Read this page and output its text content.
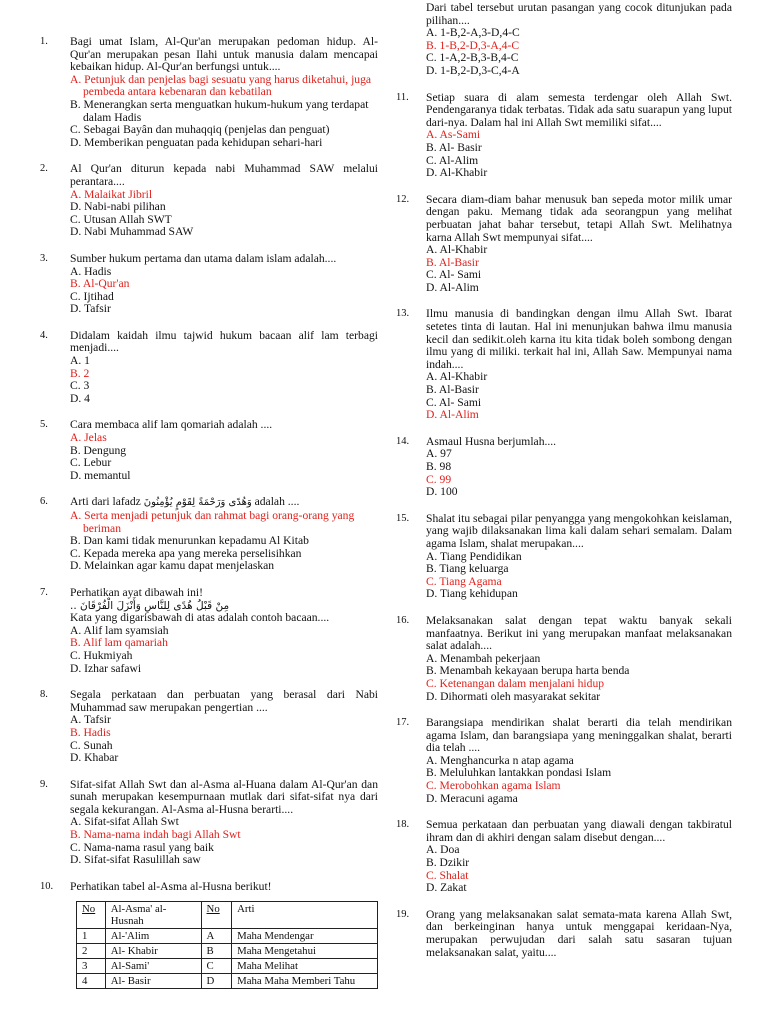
1. Bagi umat Islam, Al-Qur'an merupakan pedoman hidup. Al-Qur'an merupakan pesan Ilahi untuk manusia dalam mencapai kebaikan hidup. Al-Qur'an berfungsi untuk....
A. Petunjuk dan penjelas bagi sesuatu yang harus diketahui, juga pembeda antara kebenaran dan kebatilan
B. Menerangkan serta menguatkan hukum-hukum yang terdapat dalam Hadis
C. Sebagai Bayân dan muhaqqiq (penjelas dan penguat)
D. Memberikan penguatan pada kehidupan sehari-hari
2. Al Qur'an diturun kepada nabi Muhammad SAW melalui perantara....
A. Malaikat Jibril
D. Nabi-nabi pilihan
C. Utusan Allah SWT
D. Nabi Muhammad SAW
3. Sumber hukum pertama dan utama dalam islam adalah....
A. Hadis
B. Al-Qur'an
C. Ijtihad
D. Tafsir
4. Didalam kaidah ilmu tajwid hukum bacaan alif lam terbagi menjadi....
A. 1
B. 2
C. 3
D. 4
5. Cara membaca alif lam qomariah adalah ....
A. Jelas
B. Dengung
C. Lebur
D. memantul
6. Arti dari lafadz وَهُدًى وَرَحْمَةً لِقَوْمٍ يُؤْمِنُونَ adalah ....
A. Serta menjadi petunjuk dan rahmat bagi orang-orang yang beriman
B. Dan kami tidak menurunkan kepadamu Al Kitab
C. Kepada mereka apa yang mereka perselisihkan
D. Melainkan agar kamu dapat menjelaskan
7. Perhatikan ayat dibawah ini!
مِنْ قَبْلُ هُدًى لِلنَّاسِ وَأَنْزَلَ الْفُرْقَانَ ..
Kata yang digarisbawah di atas adalah contoh bacaan....
A. Alif lam syamsiah
B. Alif lam qamariah
C. Hukmiyah
D. Izhar safawi
8. Segala perkataan dan perbuatan yang berasal dari Nabi Muhammad saw merupakan pengertian ....
A. Tafsir
B. Hadis
C. Sunah
D. Khabar
9. Sifat-sifat Allah Swt dan al-Asma al-Huana dalam Al-Qur'an dan sunah merupakan kesempurnaan mutlak dari sifat-sifat nya dari segala kekurangan. Al-Asma al-Husna berarti....
A. Sifat-sifat Allah Swt
B. Nama-nama indah bagi Allah Swt
C. Nama-nama rasul yang baik
D. Sifat-sifat Rasulillah saw
10. Perhatikan tabel al-Asma al-Husna berikut!
No	Al-Asma' al-Husnah	No	Arti
1	Al-'Alim	A	Maha Mendengar
2	Al- Khabir	B	Maha Mengetahui
3	Al-Sami'	C	Maha Melihat
4	Al- Basir	D	Maha Maha Memberi Tahu
Dari tabel tersebut urutan pasangan yang cocok ditunjukan pada pilihan....
A. 1-B,2-A,3-D,4-C
B. 1-B,2-D,3-A,4-C
C. 1-A,2-B,3-B,4-C
D. 1-B,2-D,3-C,4-A
11. Setiap suara di alam semesta terdengar oleh Allah Swt. Pendengaranya tidak terbatas. Tidak ada satu suarapun yang luput dari-nya. Dalam hal ini Allah Swt memiliki sifat....
A. As-Sami
B. Al- Basir
C. Al-Alim
D. Al-Khabir
12. Secara diam-diam bahar menusuk ban sepeda motor milik umar dengan paku. Memang tidak ada seorangpun yang melihat perbuatan jahat bahar tersebut, tetapi Allah Swt. Melihatnya karna Allah Swt mempunyai sifat....
A. Al-Khabir
B. Al-Basir
C. Al- Sami
D. Al-Alim
13. Ilmu manusia di bandingkan dengan ilmu Allah Swt. Ibarat setetes tinta di lautan. Hal ini menunjukan bahwa ilmu manusia kecil dan sedikit.oleh karna itu kita tidak boleh sombong dengan ilmu yang di miliki. terkait hal ini, Allah Saw. Mempunyai nama indah....
A. Al-Khabir
B. Al-Basir
C. Al- Sami
D. Al-Alim
14. Asmaul Husna berjumlah....
A. 97
B. 98
C. 99
D. 100
15. Shalat itu sebagai pilar penyangga yang mengokohkan keislaman, yang wajib dilaksanakan lima kali dalam sehari semalam. Dalam agama Islam, shalat merupakan....
A. Tiang Pendidikan
B. Tiang keluarga
C. Tiang Agama
D. Tiang kehidupan
16. Melaksanakan salat dengan tepat waktu banyak sekali manfaatnya. Berikut ini yang merupakan manfaat melaksanakan salat adalah....
A. Menambah pekerjaan
B. Menambah kekayaan berupa harta benda
C. Ketenangan dalam menjalani hidup
D. Dihormati oleh masyarakat sekitar
17. Barangsiapa mendirikan shalat berarti dia telah mendirikan agama Islam, dan barangsiapa yang meninggalkan shalat, berarti dia telah ....
A. Menghancurka n atap agama
B. Meluluhkan lantakkan pondasi Islam
C. Merobohkan agama Islam
D. Meracuni agama
18. Semua perkataan dan perbuatan yang diawali dengan takbiratul ihram dan di akhiri dengan salam disebut dengan....
A. Doa
B. Dzikir
C. Shalat
D. Zakat
19. Orang yang melaksanakan salat semata-mata karena Allah Swt, dan berkeinginan hanya untuk menggapai keridaan-Nya, merupakan perwujudan dari salah satu sasaran tujuan melaksanakan salat, yaitu....
